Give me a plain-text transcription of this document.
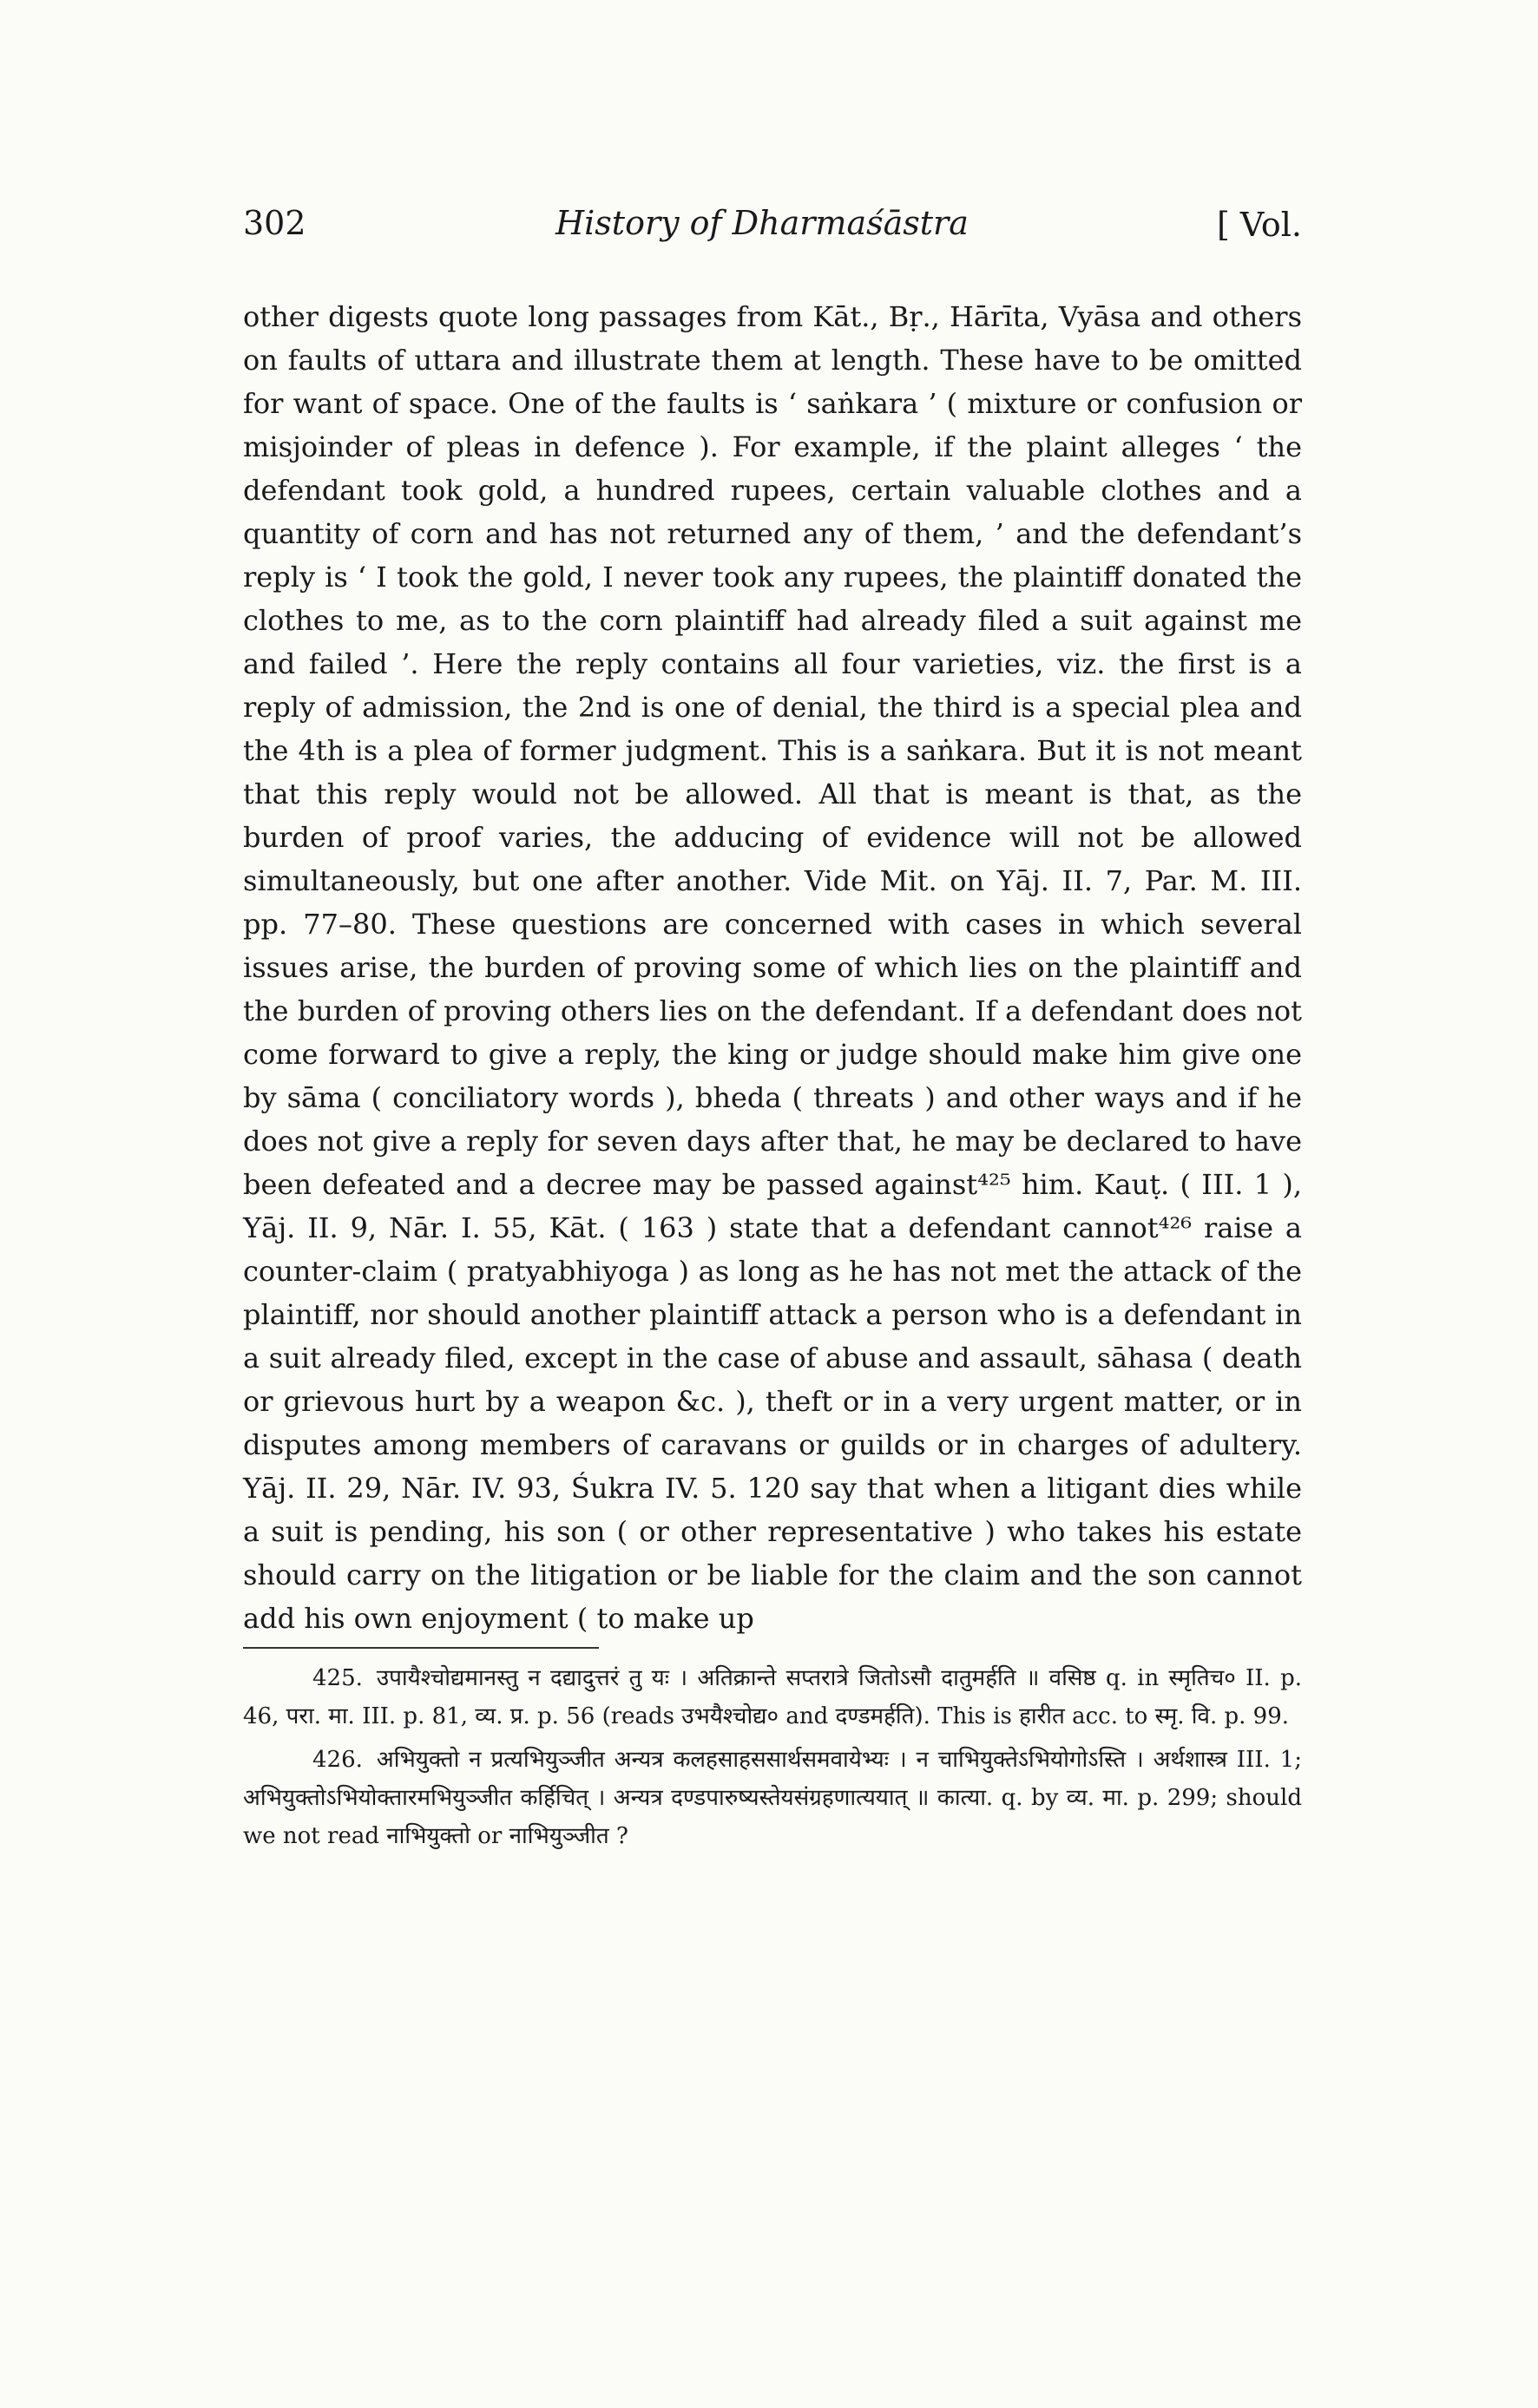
302	History of Dharmaśāstra	[ Vol.

other digests quote long passages from Kāt., Bṛ., Hārīta, Vyāsa and others on faults of uttara and illustrate them at length. These have to be omitted for want of space. One of the faults is ‘ saṅkara ’ ( mixture or confusion or misjoinder of pleas in defence ). For example, if the plaint alleges ‘ the defendant took gold, a hundred rupees, certain valuable clothes and a quantity of corn and has not returned any of them, ’ and the defendant’s reply is ‘ I took the gold, I never took any rupees, the plaintiff donated the clothes to me, as to the corn plaintiff had already filed a suit against me and failed ’. Here the reply contains all four varieties, viz. the first is a reply of admission, the 2nd is one of denial, the third is a special plea and the 4th is a plea of former judgment. This is a saṅkara. But it is not meant that this reply would not be allowed. All that is meant is that, as the burden of proof varies, the adducing of evidence will not be allowed simultaneously, but one after another. Vide Mit. on Yāj. II. 7, Par. M. III. pp. 77–80. These questions are concerned with cases in which several issues arise, the burden of proving some of which lies on the plaintiff and the burden of proving others lies on the defendant. If a defendant does not come forward to give a reply, the king or judge should make him give one by sāma ( conciliatory words ), bheda ( threats ) and other ways and if he does not give a reply for seven days after that, he may be declared to have been defeated and a decree may be passed against⁴²⁵ him. Kauṭ. ( III. 1 ), Yāj. II. 9, Nār. I. 55, Kāt. ( 163 ) state that a defendant cannot⁴²⁶ raise a counter-claim ( pratyabhiyoga ) as long as he has not met the attack of the plaintiff, nor should another plaintiff attack a person who is a defendant in a suit already filed, except in the case of abuse and assault, sāhasa ( death or grievous hurt by a weapon &c. ), theft or in a very urgent matter, or in disputes among members of caravans or guilds or in charges of adultery. Yāj. II. 29, Nār. IV. 93, Śukra IV. 5. 120 say that when a litigant dies while a suit is pending, his son ( or other representative ) who takes his estate should carry on the litigation or be liable for the claim and the son cannot add his own enjoyment ( to make up

425. उपायैश्चोद्यमानस्तु न दद्यादुत्तरं तु यः । अतिक्रान्ते सप्तरात्रे जितोऽसौ दातुमर्हति ॥ वसिष्ठ q. in स्मृतिच० II. p. 46, परा. मा. III. p. 81, व्य. प्र. p. 56 (reads उभयैश्चोद्य० and दण्डमर्हति). This is हारीत acc. to स्मृ. वि. p. 99.

426. अभियुक्तो न प्रत्यभियुञ्जीत अन्यत्र कलहसाहससार्थसमवायेभ्यः । न चाभियुक्तेऽभियोगोऽस्ति । अर्थशास्त्र III. 1; अभियुक्तोऽभियोक्तारमभियुञ्जीत कर्हिचित् । अन्यत्र दण्डपारुष्यस्तेयसंग्रहणात्ययात् ॥ कात्या. q. by व्य. मा. p. 299; should we not read नाभियुक्तो or नाभियुञ्जीत ?
